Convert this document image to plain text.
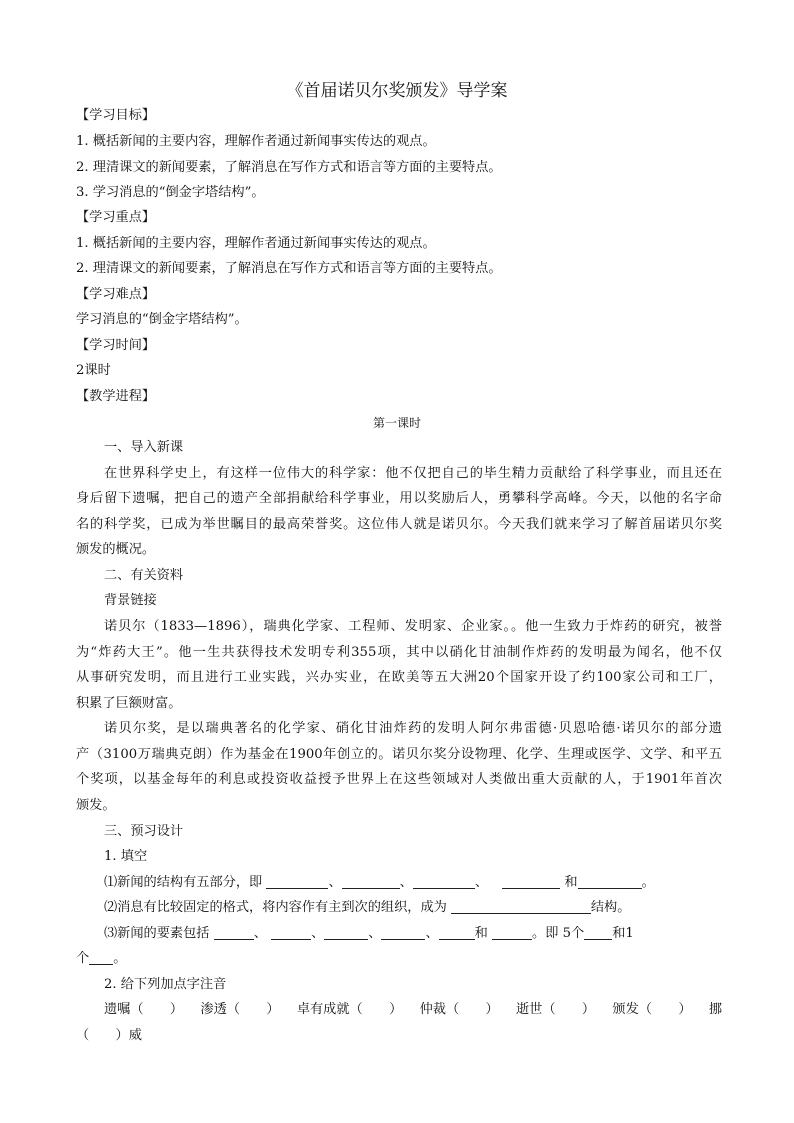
《首届诺贝尔奖颁发》导学案
【学习目标】
1. 概括新闻的主要内容，理解作者通过新闻事实传达的观点。
2. 理清课文的新闻要素，了解消息在写作方式和语言等方面的主要特点。
3. 学习消息的“倒金字塔结构”。
【学习重点】
1. 概括新闻的主要内容，理解作者通过新闻事实传达的观点。
2. 理清课文的新闻要素，了解消息在写作方式和语言等方面的主要特点。
【学习难点】
学习消息的“倒金字塔结构”。
【学习时间】
2课时
【教学进程】
第一课时
一、导入新课
在世界科学史上，有这样一位伟大的科学家：他不仅把自己的毕生精力贡献给了科学事业，而且还在
身后留下遗嘱，把自己的遗产全部捐献给科学事业，用以奖励后人，勇攀科学高峰。今天，以他的名字命
名的科学奖，已成为举世瞩目的最高荣誉奖。这位伟人就是诺贝尔。今天我们就来学习了解首届诺贝尔奖
颁发的概况。
二、有关资料
背景链接
诺贝尔（1833—1896），瑞典化学家、工程师、发明家、企业家。。他一生致力于炸药的研究，被誉
为“炸药大王”。他一生共获得技术发明专利355项，其中以硝化甘油制作炸药的发明最为闻名，他不仅
从事研究发明，而且进行工业实践，兴办实业，在欧美等五大洲20个国家开设了约100家公司和工厂，
积累了巨额财富。
诺贝尔奖，是以瑞典著名的化学家、硝化甘油炸药的发明人阿尔弗雷德·贝恩哈德·诺贝尔的部分遗
产（3100万瑞典克朗）作为基金在1900年创立的。诺贝尔奖分设物理、化学、生理或医学、文学、和平五
个奖项，以基金每年的利息或投资收益授予世界上在这些领域对人类做出重大贡献的人，于1901年首次
颁发。
三、预习设计
1. 填空
⑴新闻的结构有五部分，即	、	、	、	和	。
⑵消息有比较固定的格式，将内容作有主到次的组织，成为	结构。
⑶新闻的要素包括	、	、	、	、	和	。即 5个 和1
个 。
2. 给下列加点字注音
遗嘱（　　） 渗透（　　） 卓有成就（　　） 仲裁（　　） 逝世（　　） 颁发（　　） 挪
（　　）威
